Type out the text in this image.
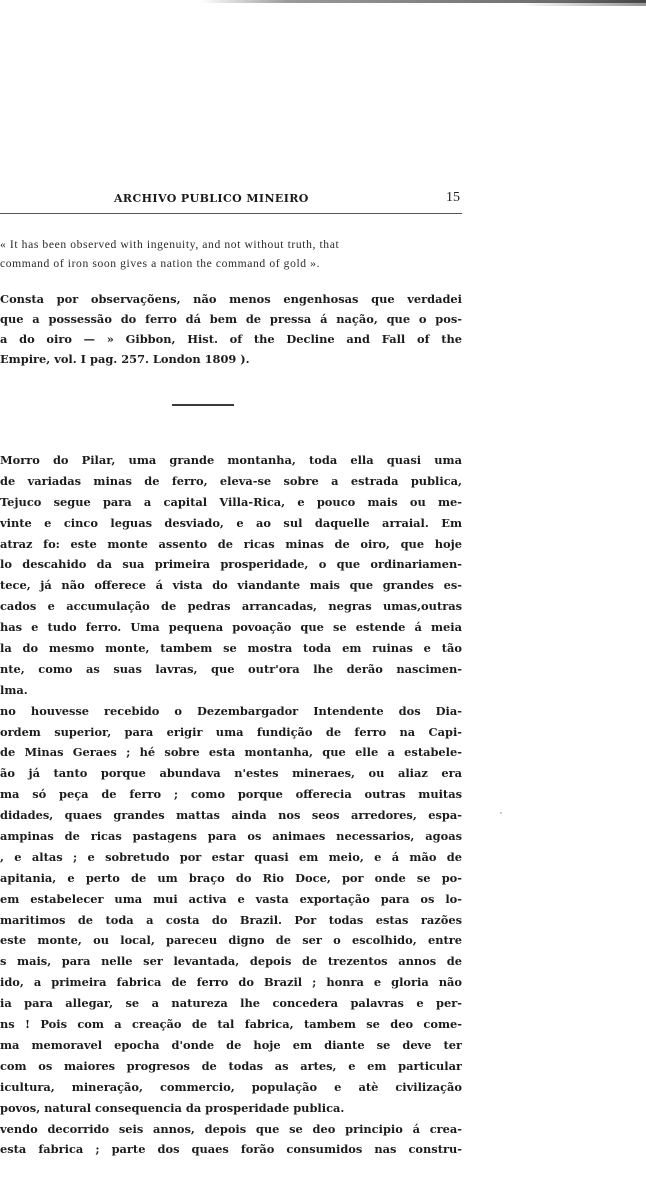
ARCHIVO PUBLICO MINEIRO	15
« It has been observed with ingenuity, and not without truth, that
command of iron soon gives a nation the command of gold ».
Consta por observaçõens, não menos engenhosas que verdadei
que a possessão do ferro dá bem de pressa á nação, que o pos-
a do oiro — » Gibbon, Hist. of the Decline and Fall of the
Empire, vol. I pag. 257. London 1809 ).
Morro do Pilar, uma grande montanha, toda ella quasi uma
de variadas minas de ferro, eleva-se sobre a estrada publica,
Tejuco segue para a capital Villa-Rica, e pouco mais ou me-
vinte e cinco leguas desviado, e ao sul daquelle arraial. Em
atraz fo: este monte assento de ricas minas de oiro, que hoje
lo descahido da sua primeira prosperidade, o que ordinariamen-
tece, já não offerece á vista do viandante mais que grandes es-
cados e accumulação de pedras arrancadas, negras umas,outras
has e tudo ferro. Uma pequena povoação que se estende á meia
la do mesmo monte, tambem se mostra toda em ruinas e tão
nte, como as suas lavras, que outr'ora lhe derão nascimen-
lma.
no houvesse recebido o Dezembargador Intendente dos Dia-
ordem superior, para erigir uma fundição de ferro na Capi-
de Minas Geraes ; hé sobre esta montanha, que elle a estabele-
ão já tanto porque abundava n'estes mineraes, ou aliaz era
ma só peça de ferro ; como porque offerecia outras muitas
didades, quaes grandes mattas ainda nos seos arredores, espa-
ampinas de ricas pastagens para os animaes necessarios, agoas
, e altas ; e sobretudo por estar quasi em meio, e á mão de
apitania, e perto de um braço do Rio Doce, por onde se po-
em estabelecer uma mui activa e vasta exportação para os lo-
maritimos de toda a costa do Brazil. Por todas estas razões
este monte, ou local, pareceu digno de ser o escolhido, entre
s mais, para nelle ser levantada, depois de trezentos annos de
ido, a primeira fabrica de ferro do Brazil ; honra e gloria não
ia para allegar, se a natureza lhe concedera palavras e per-
ns ! Pois com a creação de tal fabrica, tambem se deo come-
ma memoravel epocha d'onde de hoje em diante se deve ter
com os maiores progresos de todas as artes, e em particular
icultura, mineração, commercio, população e atè civilização
povos, natural consequencia da prosperidade publica.
vendo decorrido seis annos, depois que se deo principio á crea-
esta fabrica ; parte dos quaes forão consumidos nas constru-
